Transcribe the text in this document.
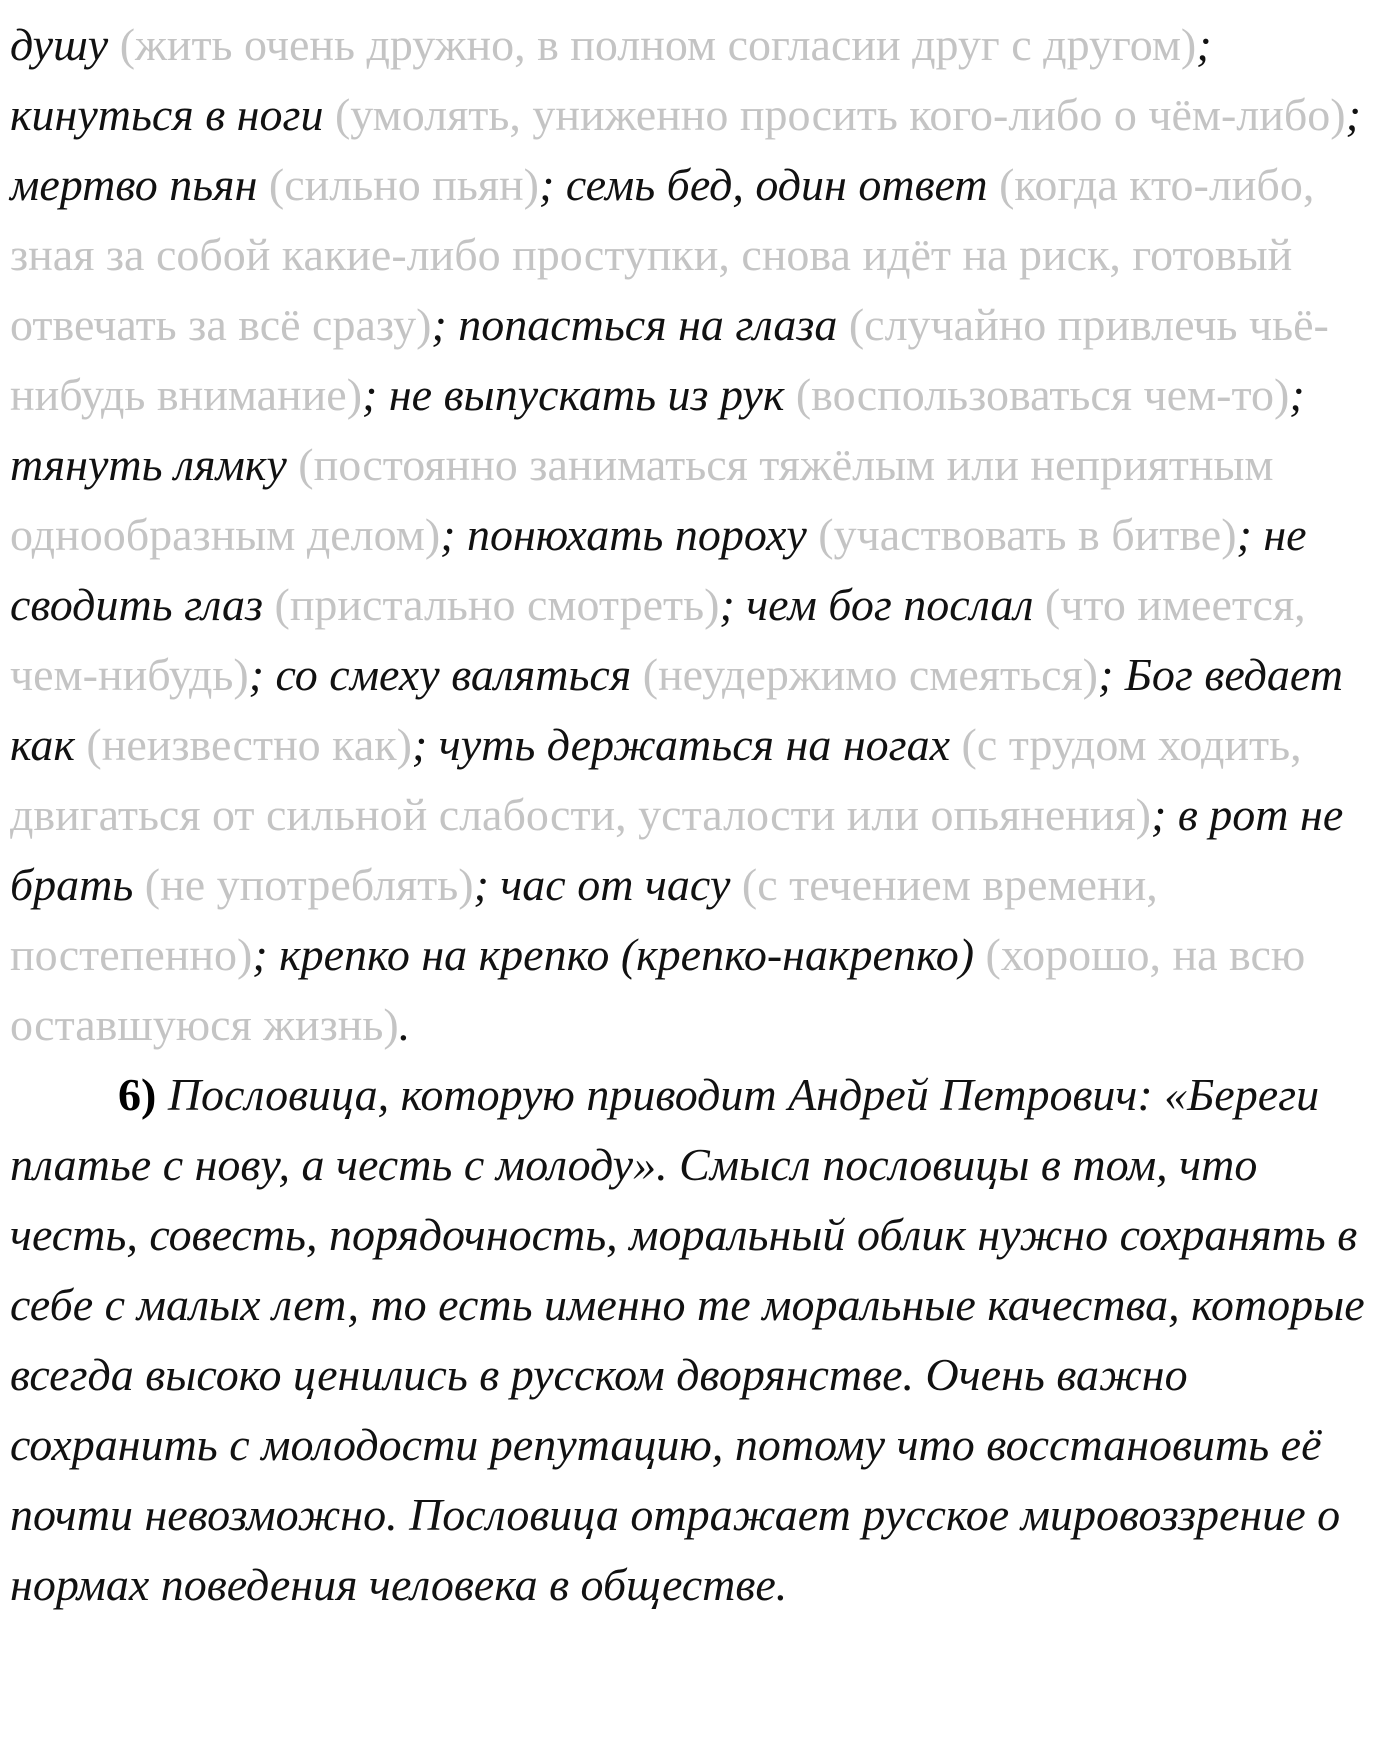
душу (жить очень дружно, в полном согласии друг с другом); кинуться в ноги (умолять, униженно просить кого-либо о чём-либо); мертво пьян (сильно пьян); семь бед, один ответ (когда кто-либо, зная за собой какие-либо проступки, снова идёт на риск, готовый отвечать за всё сразу); попасться на глаза (случайно привлечь чьё-нибудь внимание); не выпускать из рук (воспользоваться чем-то); тянуть лямку (постоянно заниматься тяжёлым или неприятным однообразным делом); понюхать пороху (участвовать в битве); не сводить глаз (пристально смотреть); чем бог послал (что имеется, чем-нибудь); со смеху валяться (неудержимо смеяться); Бог ведает как (неизвестно как); чуть держаться на ногах (с трудом ходить, двигаться от сильной слабости, усталости или опьянения); в рот не брать (не употреблять); час от часу (с течением времени, постепенно); крепко на крепко (крепко-накрепко) (хорошо, на всю оставшуюся жизнь).

6) Пословица, которую приводит Андрей Петрович: «Береги платье с нову, а честь с молоду». Смысл пословицы в том, что честь, совесть, порядочность, моральный облик нужно сохранять в себе с малых лет, то есть именно те моральные качества, которые всегда высоко ценились в русском дворянстве. Очень важно сохранить с молодости репутацию, потому что восстановить её почти невозможно. Пословица отражает русское мировоззрение о нормах поведения человека в обществе.
